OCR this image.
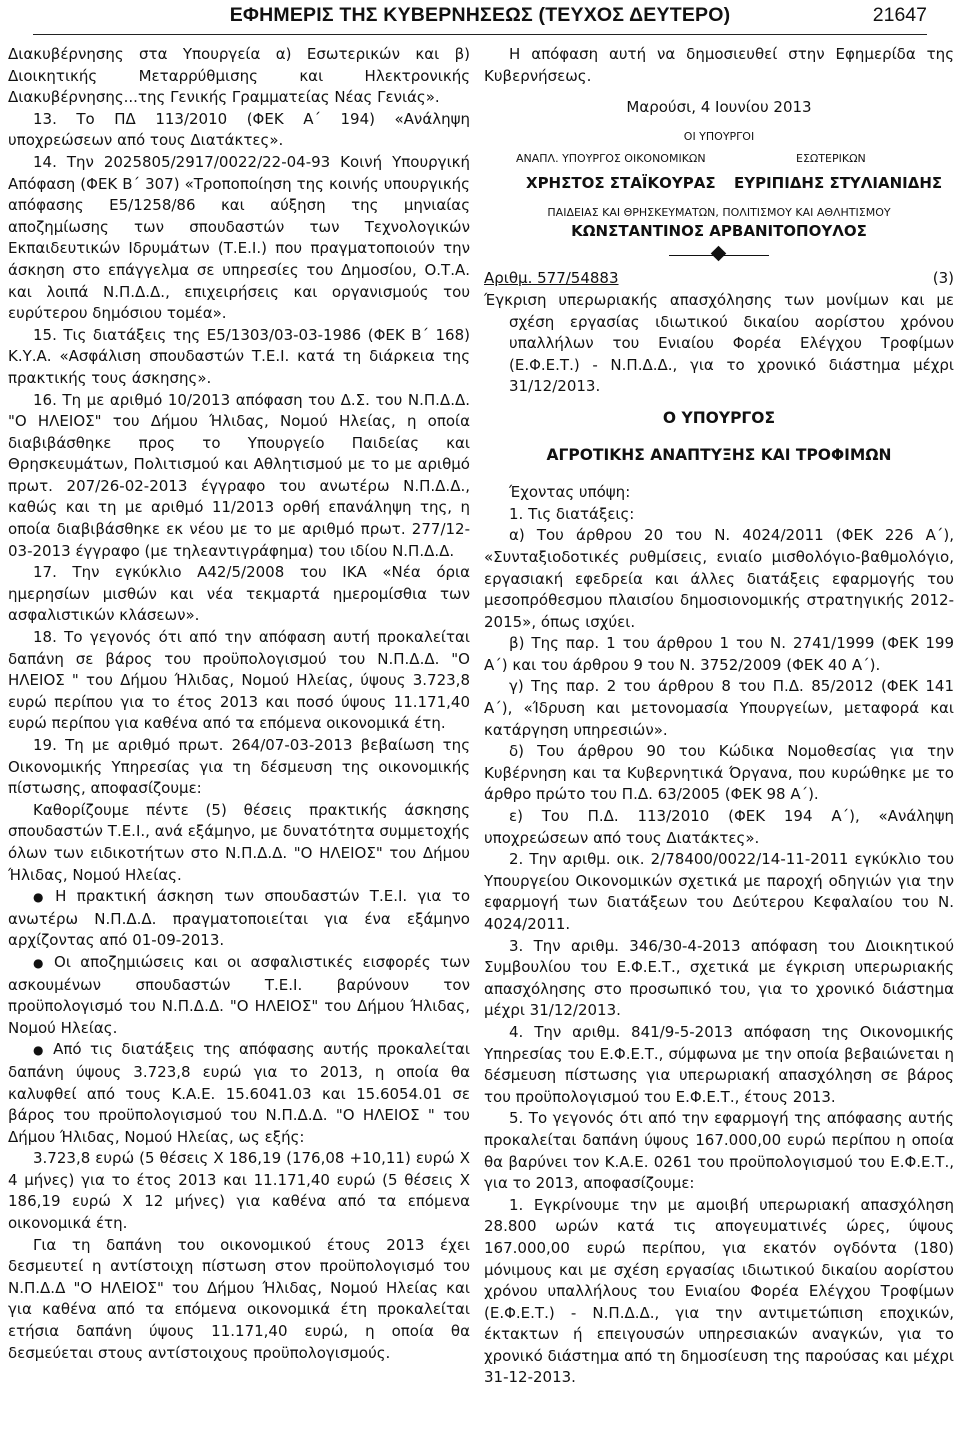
ΕΦΗΜΕΡΙΣ ΤΗΣ ΚΥΒΕΡΝΗΣΕΩΣ (ΤΕΥΧΟΣ ΔΕΥΤΕΡΟ)	21647

Διακυβέρνησης στα Υπουργεία α) Εσωτερικών και β) Διοικητικής Μεταρρύθμισης και Ηλεκτρονικής Διακυβέρνησης...της Γενικής Γραμματείας Νέας Γενιάς».

13. Το ΠΔ 113/2010 (ΦΕΚ Α΄ 194) «Ανάληψη υποχρεώσεων από τους Διατάκτες».

14. Την 2025805/2917/0022/22-04-93 Κοινή Υπουργική Απόφαση (ΦΕΚ Β΄ 307) «Τροποποίηση της κοινής υπουργικής απόφασης Ε5/1258/86 και αύξηση της μηνιαίας αποζημίωσης των σπουδαστών των Τεχνολογικών Εκπαιδευτικών Ιδρυμάτων (Τ.Ε.Ι.) που πραγματοποιούν την άσκηση στο επάγγελμα σε υπηρεσίες του Δημοσίου, Ο.Τ.Α. και λοιπά Ν.Π.Δ.Δ., επιχειρήσεις και οργανισμούς του ευρύτερου δημόσιου τομέα».

15. Τις διατάξεις της Ε5/1303/03-03-1986 (ΦΕΚ Β΄ 168) Κ.Υ.Α. «Ασφάλιση σπουδαστών Τ.Ε.Ι. κατά τη διάρκεια της πρακτικής τους άσκησης».

16. Τη με αριθμό 10/2013 απόφαση του Δ.Σ. του Ν.Π.Δ.Δ. "Ο ΗΛΕΙΟΣ" του Δήμου Ήλιδας, Νομού Ηλείας, η οποία διαβιβάσθηκε προς το Υπουργείο Παιδείας και Θρησκευμάτων, Πολιτισμού και Αθλητισμού με το με αριθμό πρωτ. 207/26-02-2013 έγγραφο του ανωτέρω Ν.Π.Δ.Δ., καθώς και τη με αριθμό 11/2013 ορθή επανάληψη της, η οποία διαβιβάσθηκε εκ νέου με το με αριθμό πρωτ. 277/12-03-2013 έγγραφο (με τηλεαντιγράφημα) του ιδίου Ν.Π.Δ.Δ.

17. Την εγκύκλιο Α42/5/2008 του ΙΚΑ «Νέα όρια ημερησίων μισθών και νέα τεκμαρτά ημερομίσθια των ασφαλιστικών κλάσεων».

18. Το γεγονός ότι από την απόφαση αυτή προκαλείται δαπάνη σε βάρος του προϋπολογισμού του Ν.Π.Δ.Δ. "Ο ΗΛΕΙΟΣ " του Δήμου Ήλιδας, Νομού Ηλείας, ύψους 3.723,8 ευρώ περίπου για το έτος 2013 και ποσό ύψους 11.171,40 ευρώ περίπου για καθένα από τα επόμενα οικονομικά έτη.

19. Τη με αριθμό πρωτ. 264/07-03-2013 βεβαίωση της Οικονομικής Υπηρεσίας για τη δέσμευση της οικονομικής πίστωσης, αποφασίζουμε:

Καθορίζουμε πέντε (5) θέσεις πρακτικής άσκησης σπουδαστών Τ.Ε.Ι., ανά εξάμηνο, με δυνατότητα συμμετοχής όλων των ειδικοτήτων στο Ν.Π.Δ.Δ. "Ο ΗΛΕΙΟΣ" του Δήμου Ήλιδας, Νομού Ηλείας.

● Η πρακτική άσκηση των σπουδαστών Τ.Ε.Ι. για το ανωτέρω Ν.Π.Δ.Δ. πραγματοποιείται για ένα εξάμηνο αρχίζοντας από 01-09-2013.

● Οι αποζημιώσεις και οι ασφαλιστικές εισφορές των ασκουμένων σπουδαστών Τ.Ε.Ι. βαρύνουν τον προϋπολογισμό του Ν.Π.Δ.Δ. "Ο ΗΛΕΙΟΣ" του Δήμου Ήλιδας, Νομού Ηλείας.

● Από τις διατάξεις της απόφασης αυτής προκαλείται δαπάνη ύψους 3.723,8 ευρώ για το 2013, η οποία θα καλυφθεί από τους Κ.Α.Ε. 15.6041.03 και 15.6054.01 σε βάρος του προϋπολογισμού του Ν.Π.Δ.Δ. "Ο ΗΛΕΙΟΣ " του Δήμου Ήλιδας, Νομού Ηλείας, ως εξής:

3.723,8 ευρώ (5 θέσεις Χ 186,19 (176,08 +10,11) ευρώ Χ 4 μήνες) για το έτος 2013 και 11.171,40 ευρώ (5 θέσεις Χ 186,19 ευρώ Χ 12 μήνες) για καθένα από τα επόμενα οικονομικά έτη.

Για τη δαπάνη του οικονομικού έτους 2013 έχει δεσμευτεί η αντίστοιχη πίστωση στον προϋπολογισμό του Ν.Π.Δ.Δ "Ο ΗΛΕΙΟΣ" του Δήμου Ήλιδας, Νομού Ηλείας και για καθένα από τα επόμενα οικονομικά έτη προκαλείται ετήσια δαπάνη ύψους 11.171,40 ευρώ, η οποία θα δεσμεύεται στους αντίστοιχους προϋπολογισμούς.

Η απόφαση αυτή να δημοσιευθεί στην Εφημερίδα της Κυβερνήσεως.

Μαρούσι, 4 Ιουνίου 2013

ΟΙ ΥΠΟΥΡΓΟΙ

ΑΝΑΠΛ. ΥΠΟΥΡΓΟΣ ΟΙΚΟΝΟΜΙΚΩΝ	ΕΣΩΤΕΡΙΚΩΝ
ΧΡΗΣΤΟΣ ΣΤΑΪΚΟΥΡΑΣ ΕΥΡΙΠΙΔΗΣ ΣΤΥΛΙΑΝΙΔΗΣ

ΠΑΙΔΕΙΑΣ ΚΑΙ ΘΡΗΣΚΕΥΜΑΤΩΝ, ΠΟΛΙΤΙΣΜΟΥ ΚΑΙ ΑΘΛΗΤΙΣΜΟΥ

ΚΩΝΣΤΑΝΤΙΝΟΣ ΑΡΒΑΝΙΤΟΠΟΥΛΟΣ

Αριθμ. 577/54883	(3)

Έγκριση υπερωριακής απασχόλησης των μονίμων και με σχέση εργασίας ιδιωτικού δικαίου αορίστου χρόνου υπαλλήλων του Ενιαίου Φορέα Ελέγχου Τροφίμων (Ε.Φ.Ε.Τ.) - Ν.Π.Δ.Δ., για το χρονικό διάστημα μέχρι 31/12/2013.

Ο ΥΠΟΥΡΓΟΣ

ΑΓΡΟΤΙΚΗΣ ΑΝΑΠΤΥΞΗΣ ΚΑΙ ΤΡΟΦΙΜΩΝ

Έχοντας υπόψη:

1. Τις διατάξεις:

α) Του άρθρου 20 του Ν. 4024/2011 (ΦΕΚ 226 Α΄), «Συνταξιοδοτικές ρυθμίσεις, ενιαίο μισθολόγιο-βαθμολόγιο, εργασιακή εφεδρεία και άλλες διατάξεις εφαρμογής του μεσοπρόθεσμου πλαισίου δημοσιονομικής στρατηγικής 2012-2015», όπως ισχύει.

β) Της παρ. 1 του άρθρου 1 του Ν. 2741/1999 (ΦΕΚ 199 Α΄) και του άρθρου 9 του Ν. 3752/2009 (ΦΕΚ 40 Α΄).

γ) Της παρ. 2 του άρθρου 8 του Π.Δ. 85/2012 (ΦΕΚ 141 Α΄), «Ίδρυση και μετονομασία Υπουργείων, μεταφορά και κατάργηση υπηρεσιών».

δ) Του άρθρου 90 του Κώδικα Νομοθεσίας για την Κυβέρνηση και τα Κυβερνητικά Όργανα, που κυρώθηκε με το άρθρο πρώτο του Π.Δ. 63/2005 (ΦΕΚ 98 Α΄).

ε) Του Π.Δ. 113/2010 (ΦΕΚ 194 Α΄), «Ανάληψη υποχρεώσεων από τους Διατάκτες».

2. Την αριθμ. οικ. 2/78400/0022/14-11-2011 εγκύκλιο του Υπουργείου Οικονομικών σχετικά με παροχή οδηγιών για την εφαρμογή των διατάξεων του Δεύτερου Κεφαλαίου του Ν. 4024/2011.

3. Την αριθμ. 346/30-4-2013 απόφαση του Διοικητικού Συμβουλίου του Ε.Φ.Ε.Τ., σχετικά με έγκριση υπερωριακής απασχόλησης στο προσωπικό του, για το χρονικό διάστημα μέχρι 31/12/2013.

4. Την αριθμ. 841/9-5-2013 απόφαση της Οικονομικής Υπηρεσίας του Ε.Φ.Ε.Τ., σύμφωνα με την οποία βεβαιώνεται η δέσμευση πίστωσης για υπερωριακή απασχόληση σε βάρος του προϋπολογισμού του Ε.Φ.Ε.Τ., έτους 2013.

5. Το γεγονός ότι από την εφαρμογή της απόφασης αυτής προκαλείται δαπάνη ύψους 167.000,00 ευρώ περίπου η οποία θα βαρύνει τον Κ.Α.Ε. 0261 του προϋπολογισμού του Ε.Φ.Ε.Τ., για το 2013, αποφασίζουμε:

1. Εγκρίνουμε την με αμοιβή υπερωριακή απασχόληση 28.800 ωρών κατά τις απογευματινές ώρες, ύψους 167.000,00 ευρώ περίπου, για εκατόν ογδόντα (180) μόνιμους και με σχέση εργασίας ιδιωτικού δικαίου αορίστου χρόνου υπαλλήλους του Ενιαίου Φορέα Ελέγχου Τροφίμων (Ε.Φ.Ε.Τ.) - Ν.Π.Δ.Δ., για την αντιμετώπιση εποχικών, έκτακτων ή επειγουσών υπηρεσιακών αναγκών, για το χρονικό διάστημα από τη δημοσίευση της παρούσας και μέχρι 31-12-2013.
